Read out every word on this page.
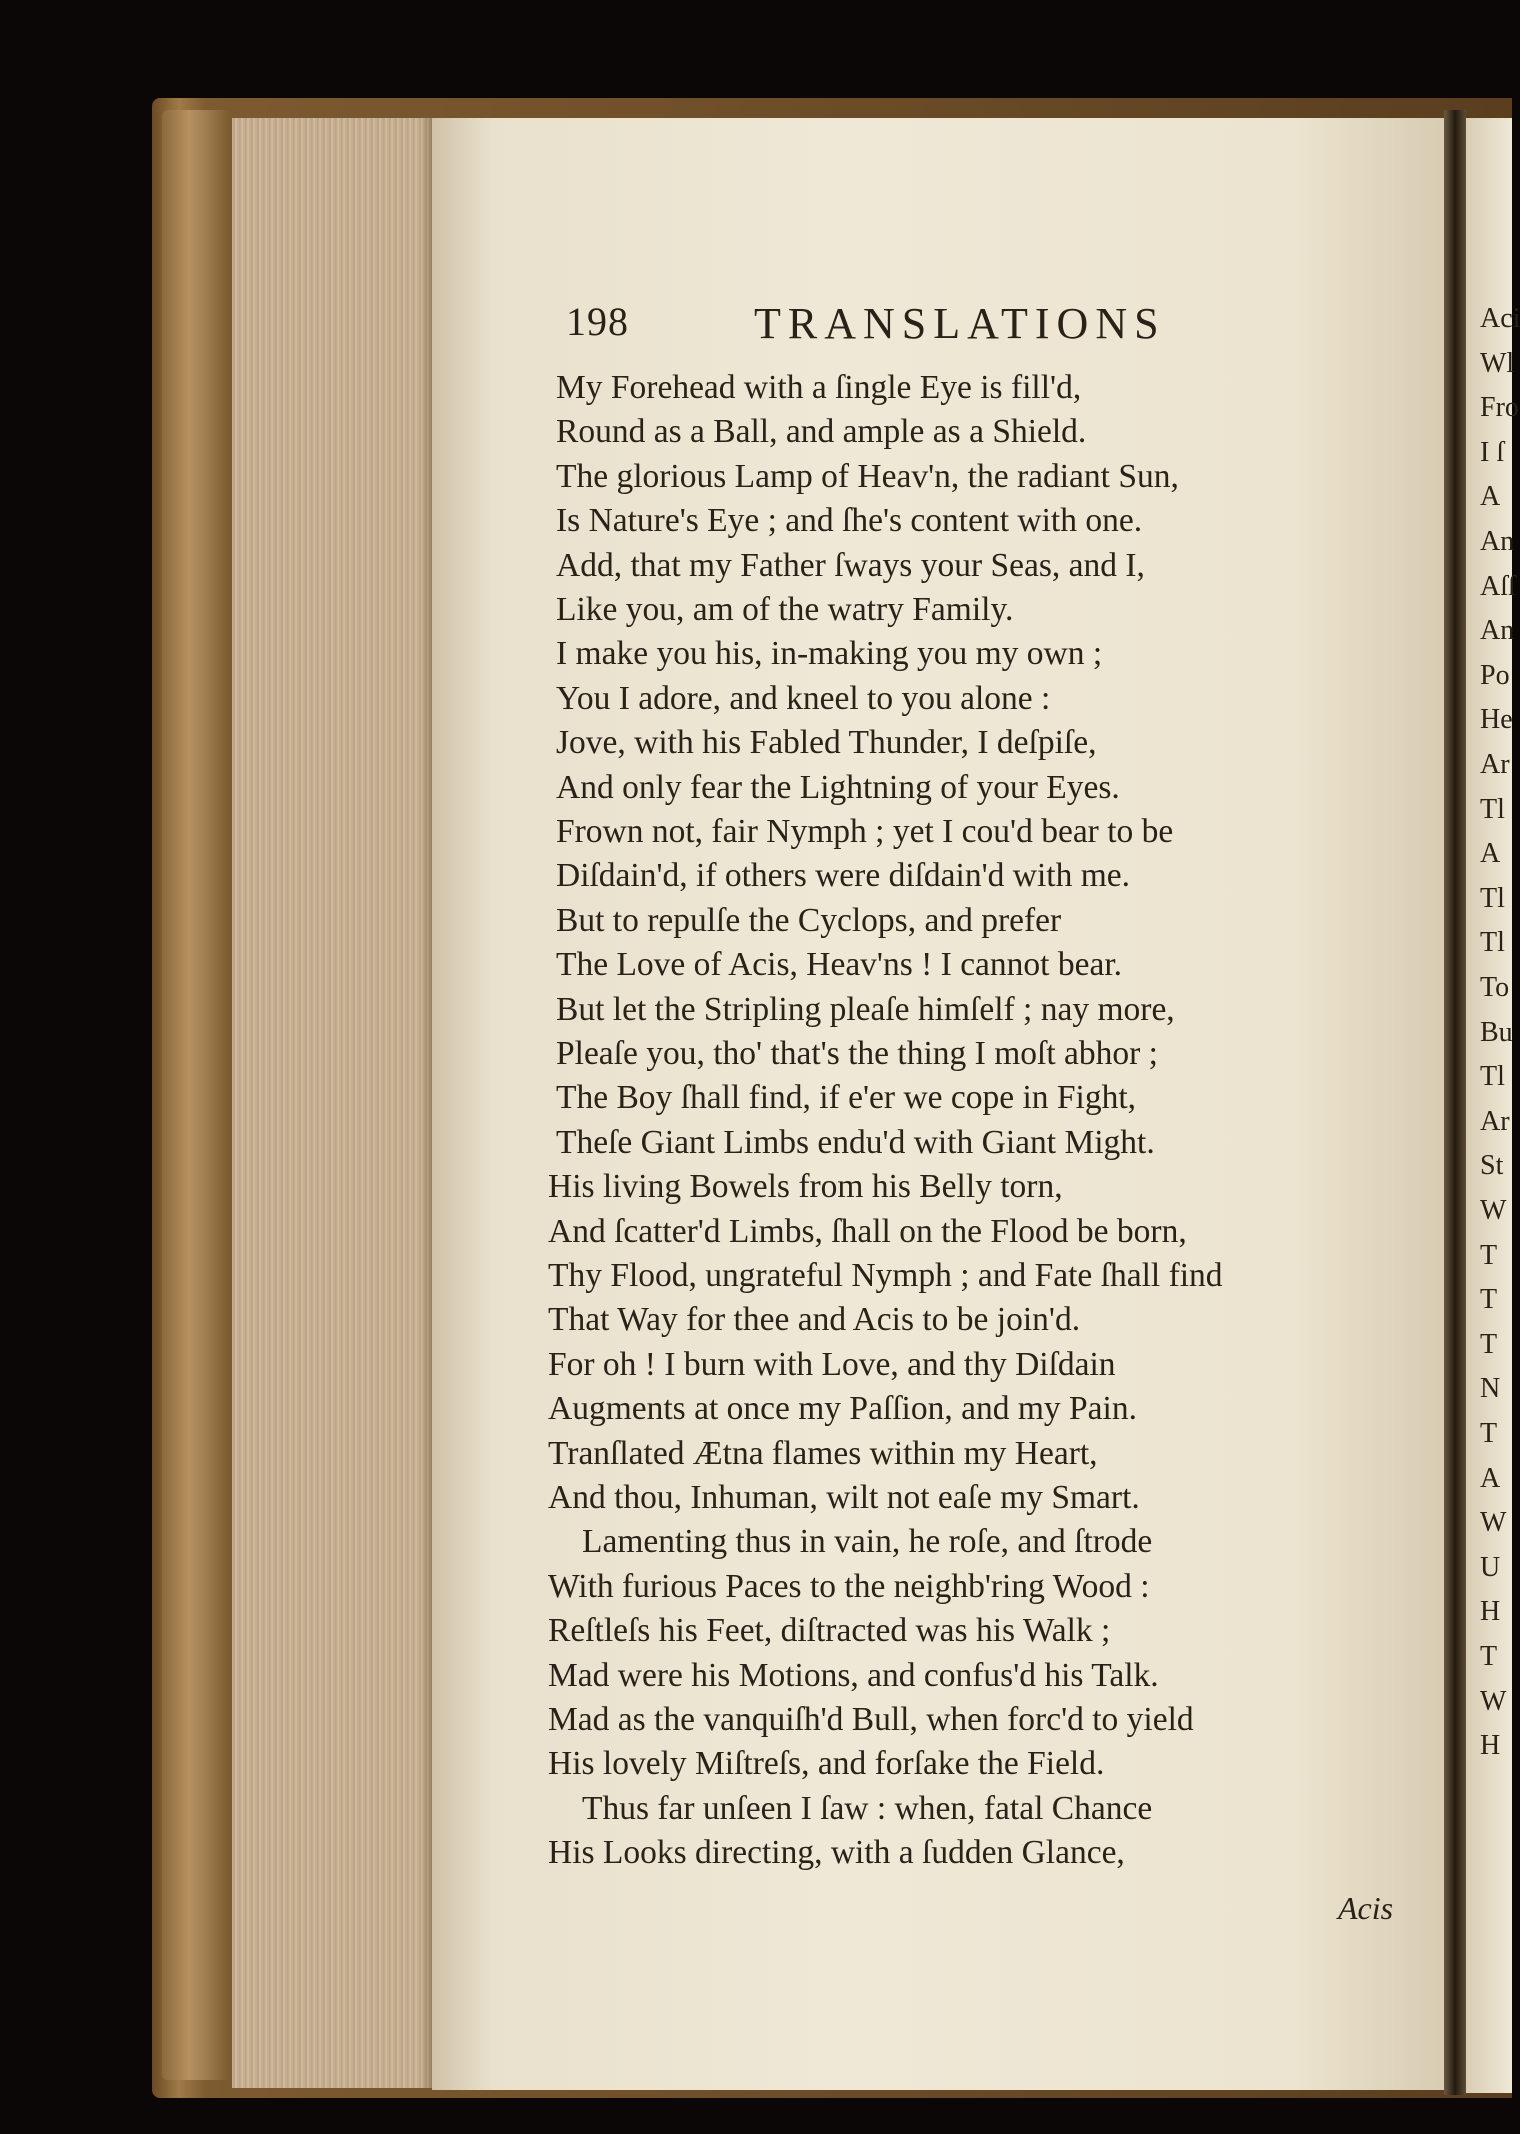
198	TRANSLATIONS
My Forehead with a ſingle Eye is fill'd,
Round as a Ball, and ample as a Shield.
The glorious Lamp of Heav'n, the radiant Sun,
Is Nature's Eye ; and ſhe's content with one.
Add, that my Father ſways your Seas, and I,
Like you, am of the watry Family.
I make you his, in-making you my own ;
You I adore, and kneel to you alone :
Jove, with his Fabled Thunder, I deſpiſe,
And only fear the Lightning of your Eyes.
Frown not, fair Nymph ; yet I cou'd bear to be
Diſdain'd, if others were diſdain'd with me.
But to repulſe the Cyclops, and prefer
The Love of Acis, Heav'ns ! I cannot bear.
But let the Stripling pleaſe himſelf ; nay more,
Pleaſe you, tho' that's the thing I moſt abhor ;
The Boy ſhall find, if e'er we cope in Fight,
Theſe Giant Limbs endu'd with Giant Might.
His living Bowels from his Belly torn,
And ſcatter'd Limbs, ſhall on the Flood be born,
Thy Flood, ungrateful Nymph ; and Fate ſhall find
That Way for thee and Acis to be join'd.
For oh ! I burn with Love, and thy Diſdain
Augments at once my Paſſion, and my Pain.
Tranſlated Ætna flames within my Heart,
And thou, Inhuman, wilt not eaſe my Smart.
Lamenting thus in vain, he roſe, and ſtrode
With furious Paces to the neighb'ring Wood :
Reſtleſs his Feet, diſtracted was his Walk ;
Mad were his Motions, and confus'd his Talk.
Mad as the vanquiſh'd Bull, when forc'd to yield
His lovely Miſtreſs, and forſake the Field.
Thus far unſeen I ſaw : when, fatal Chance
His Looks directing, with a ſudden Glance,
Acis
Aci
Wl
Fro
I ſ
A
An
Aſſ
An
Po
He
Ar
Tl
A
Tl
Tl
To
Bu
Tl
Ar
St
W
T
T
T
N
T
A
W
U
H
T
W
H
